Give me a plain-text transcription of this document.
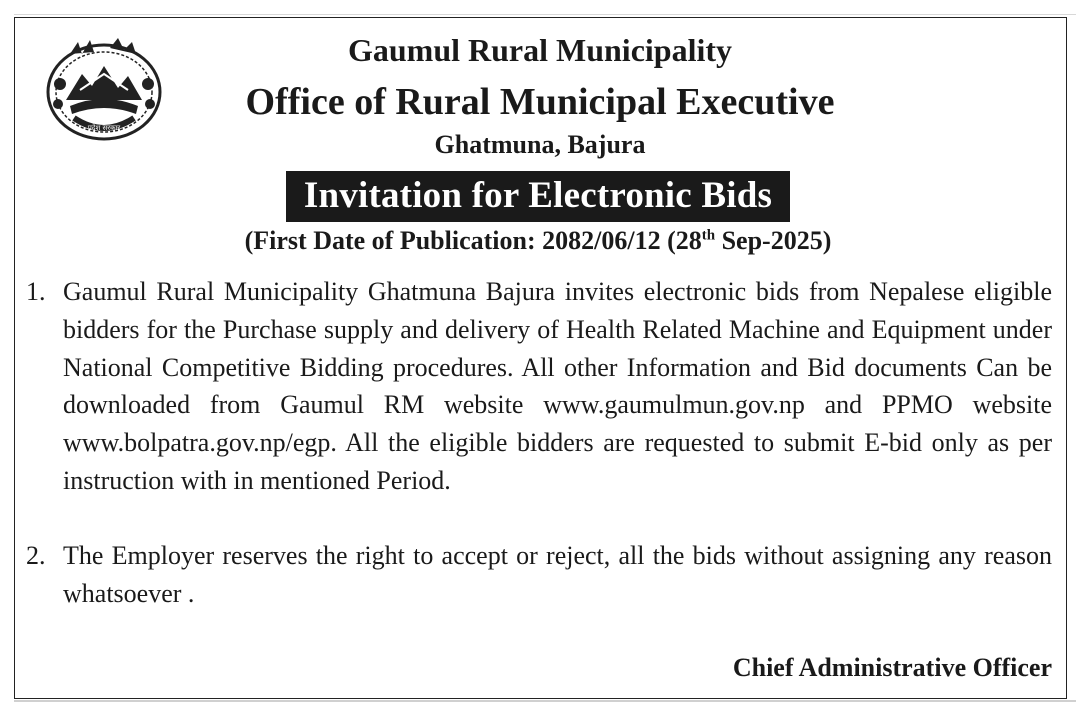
प्रदेश सरकार
Gaumul Rural Municipality
Office of Rural Municipal Executive
Ghatmuna, Bajura
Invitation for Electronic Bids
(First Date of Publication: 2082/06/12 (28th Sep-2025)
1. Gaumul Rural Municipality Ghatmuna Bajura invites electronic bids from Nepalese eligible bidders for the Purchase supply and delivery of Health Related Machine and Equipment under National Competitive Bidding procedures. All other Information and Bid documents Can be downloaded from Gaumul RM website www.gaumulmun.gov.np and PPMO website www.bolpatra.gov.np/egp. All the eligible bidders are requested to submit E-bid only as per instruction with in mentioned Period.
2. The Employer reserves the right to accept or reject, all the bids without assigning any reason whatsoever .
Chief Administrative Officer
